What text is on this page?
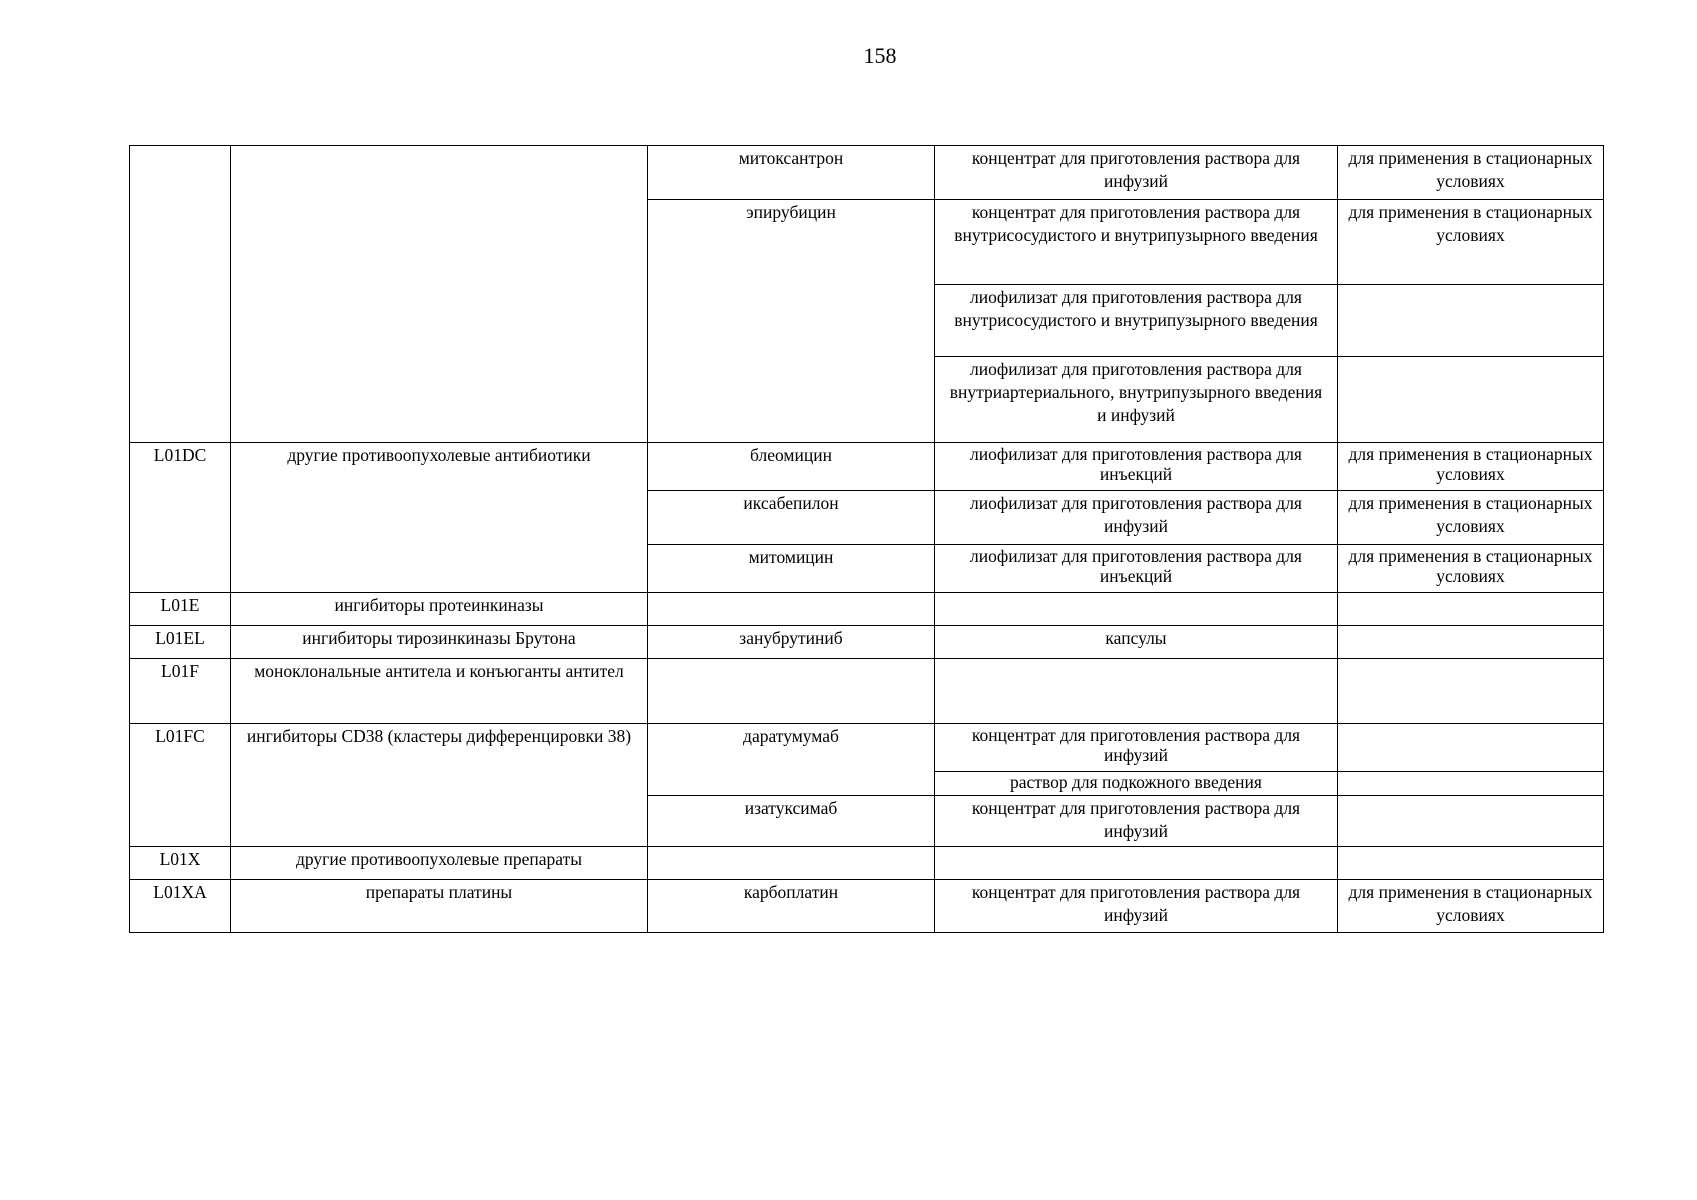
158
		митоксантрон	концентрат для приготовления раствора для инфузий	для применения в стационарных условиях
		эпирубицин	концентрат для приготовления раствора для внутрисосудистого и внутрипузырного введения	для применения в стационарных условиях
			лиофилизат для приготовления раствора для внутрисосудистого и внутрипузырного введения	
			лиофилизат для приготовления раствора для внутриартериального, внутрипузырного введения и инфузий	

L01DC	другие противоопухолевые антибиотики	блеомицин	лиофилизат для приготовления раствора для инъекций	для применения в стационарных условиях
		иксабепилон	лиофилизат для приготовления раствора для инфузий	для применения в стационарных условиях
		митомицин	лиофилизат для приготовления раствора для инъекций	для применения в стационарных условиях
L01E	ингибиторы протеинкиназы			
L01EL	ингибиторы тирозинкиназы Брутона	занубрутиниб	капсулы	
L01F	моноклональные антитела и конъюганты антител			
L01FC	ингибиторы CD38 (кластеры дифференцировки 38)	даратумумаб	концентрат для приготовления раствора для инфузий	
			раствор для подкожного введения	
		изатуксимаб	концентрат для приготовления раствора для инфузий	
L01X	другие противоопухолевые препараты			
L01XA	препараты платины	карбоплатин	концентрат для приготовления раствора для инфузий	для применения в стационарных условиях
